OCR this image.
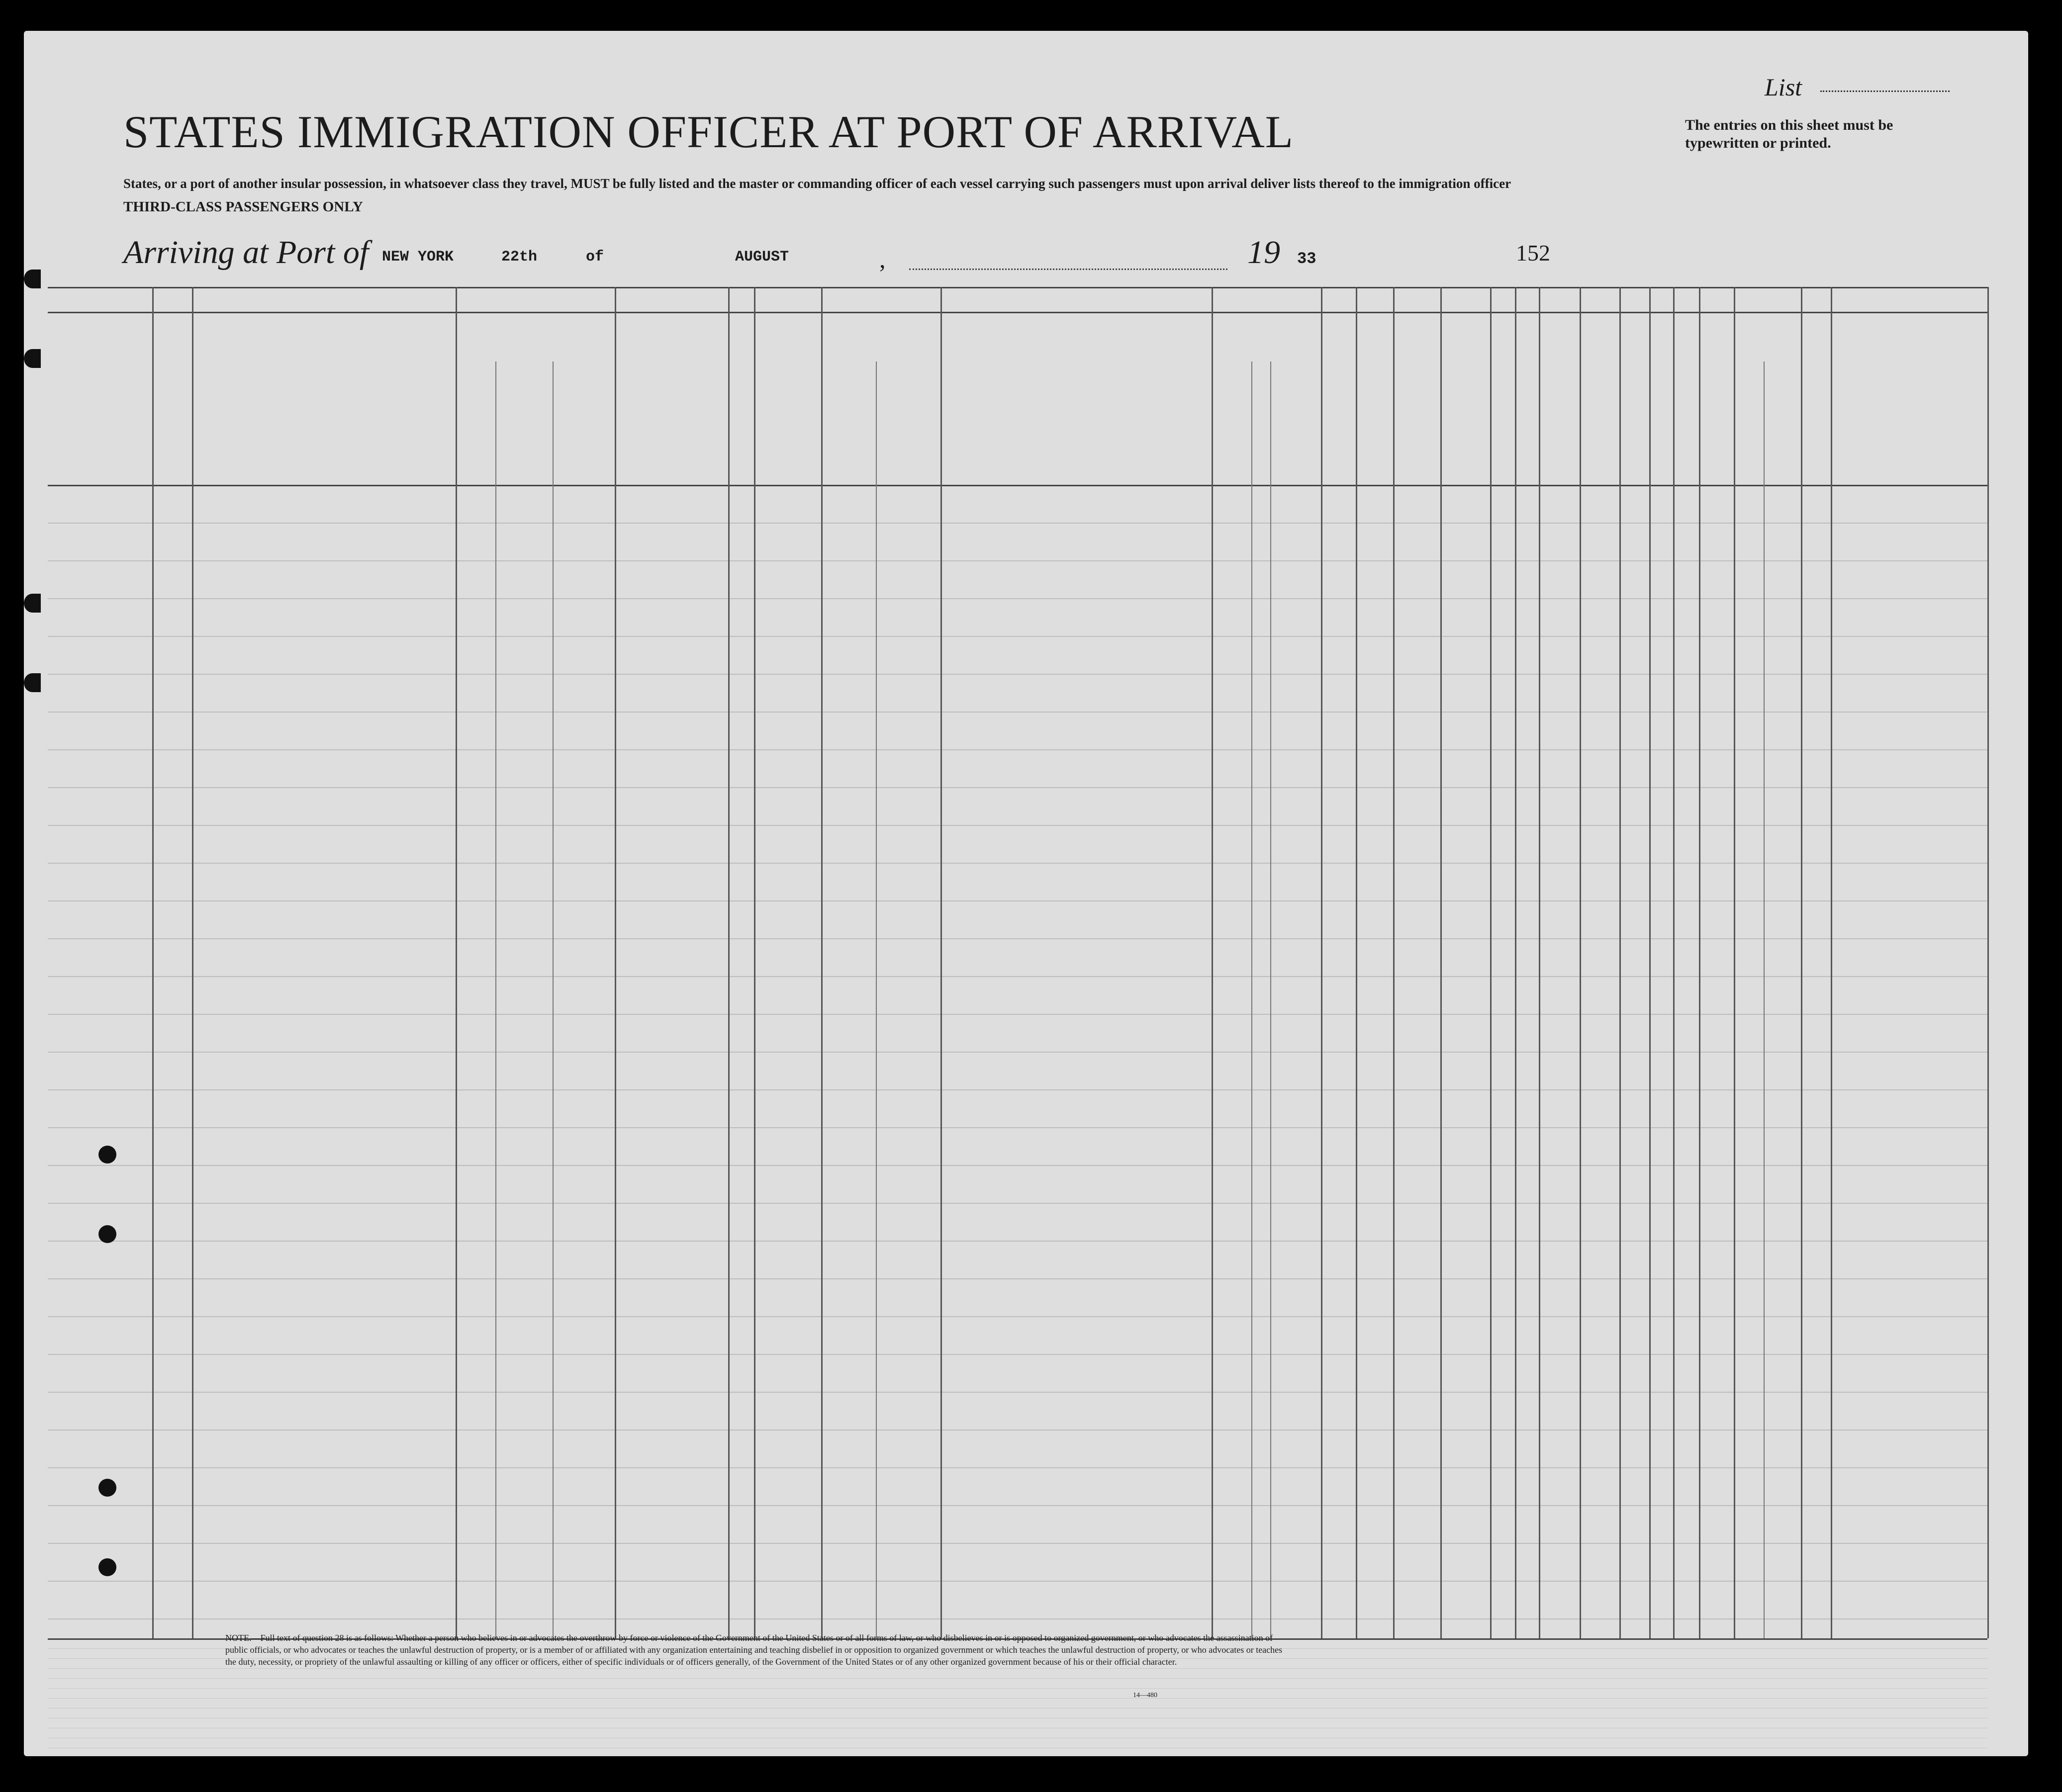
STATES IMMIGRATION OFFICER AT PORT OF ARRIVAL
States, or a port of another insular possession, in whatsoever class they travel, MUST be fully listed and the master or commanding officer of each vessel carrying such passengers must upon arrival deliver lists thereof to the immigration officer
THIRD-CLASS PASSENGERS ONLY
List
The entries on this sheet must be typewritten or printed.
Arriving at Port of NEW YORK	22th	of	AUGUST	,	19 33	152
NOTE.—Full text of question 28 is as follows: Whether a person who believes in or advocates the overthrow by force or violence of the Government of the United States or of all forms of law, or who disbelieves in or is opposed to organized government, or who advocates the assassination of public officials, or who advocates or teaches the unlawful destruction of property, or is a member of or affiliated with any organization entertaining and teaching disbelief in or opposition to organized government or which teaches the unlawful destruction of property, or who advocates or teaches the duty, necessity, or propriety of the unlawful assaulting or killing of any officer or officers, either of specific individuals or of officers generally, of the Government of the United States or of any other organized government because of his or their official character.
14—480
